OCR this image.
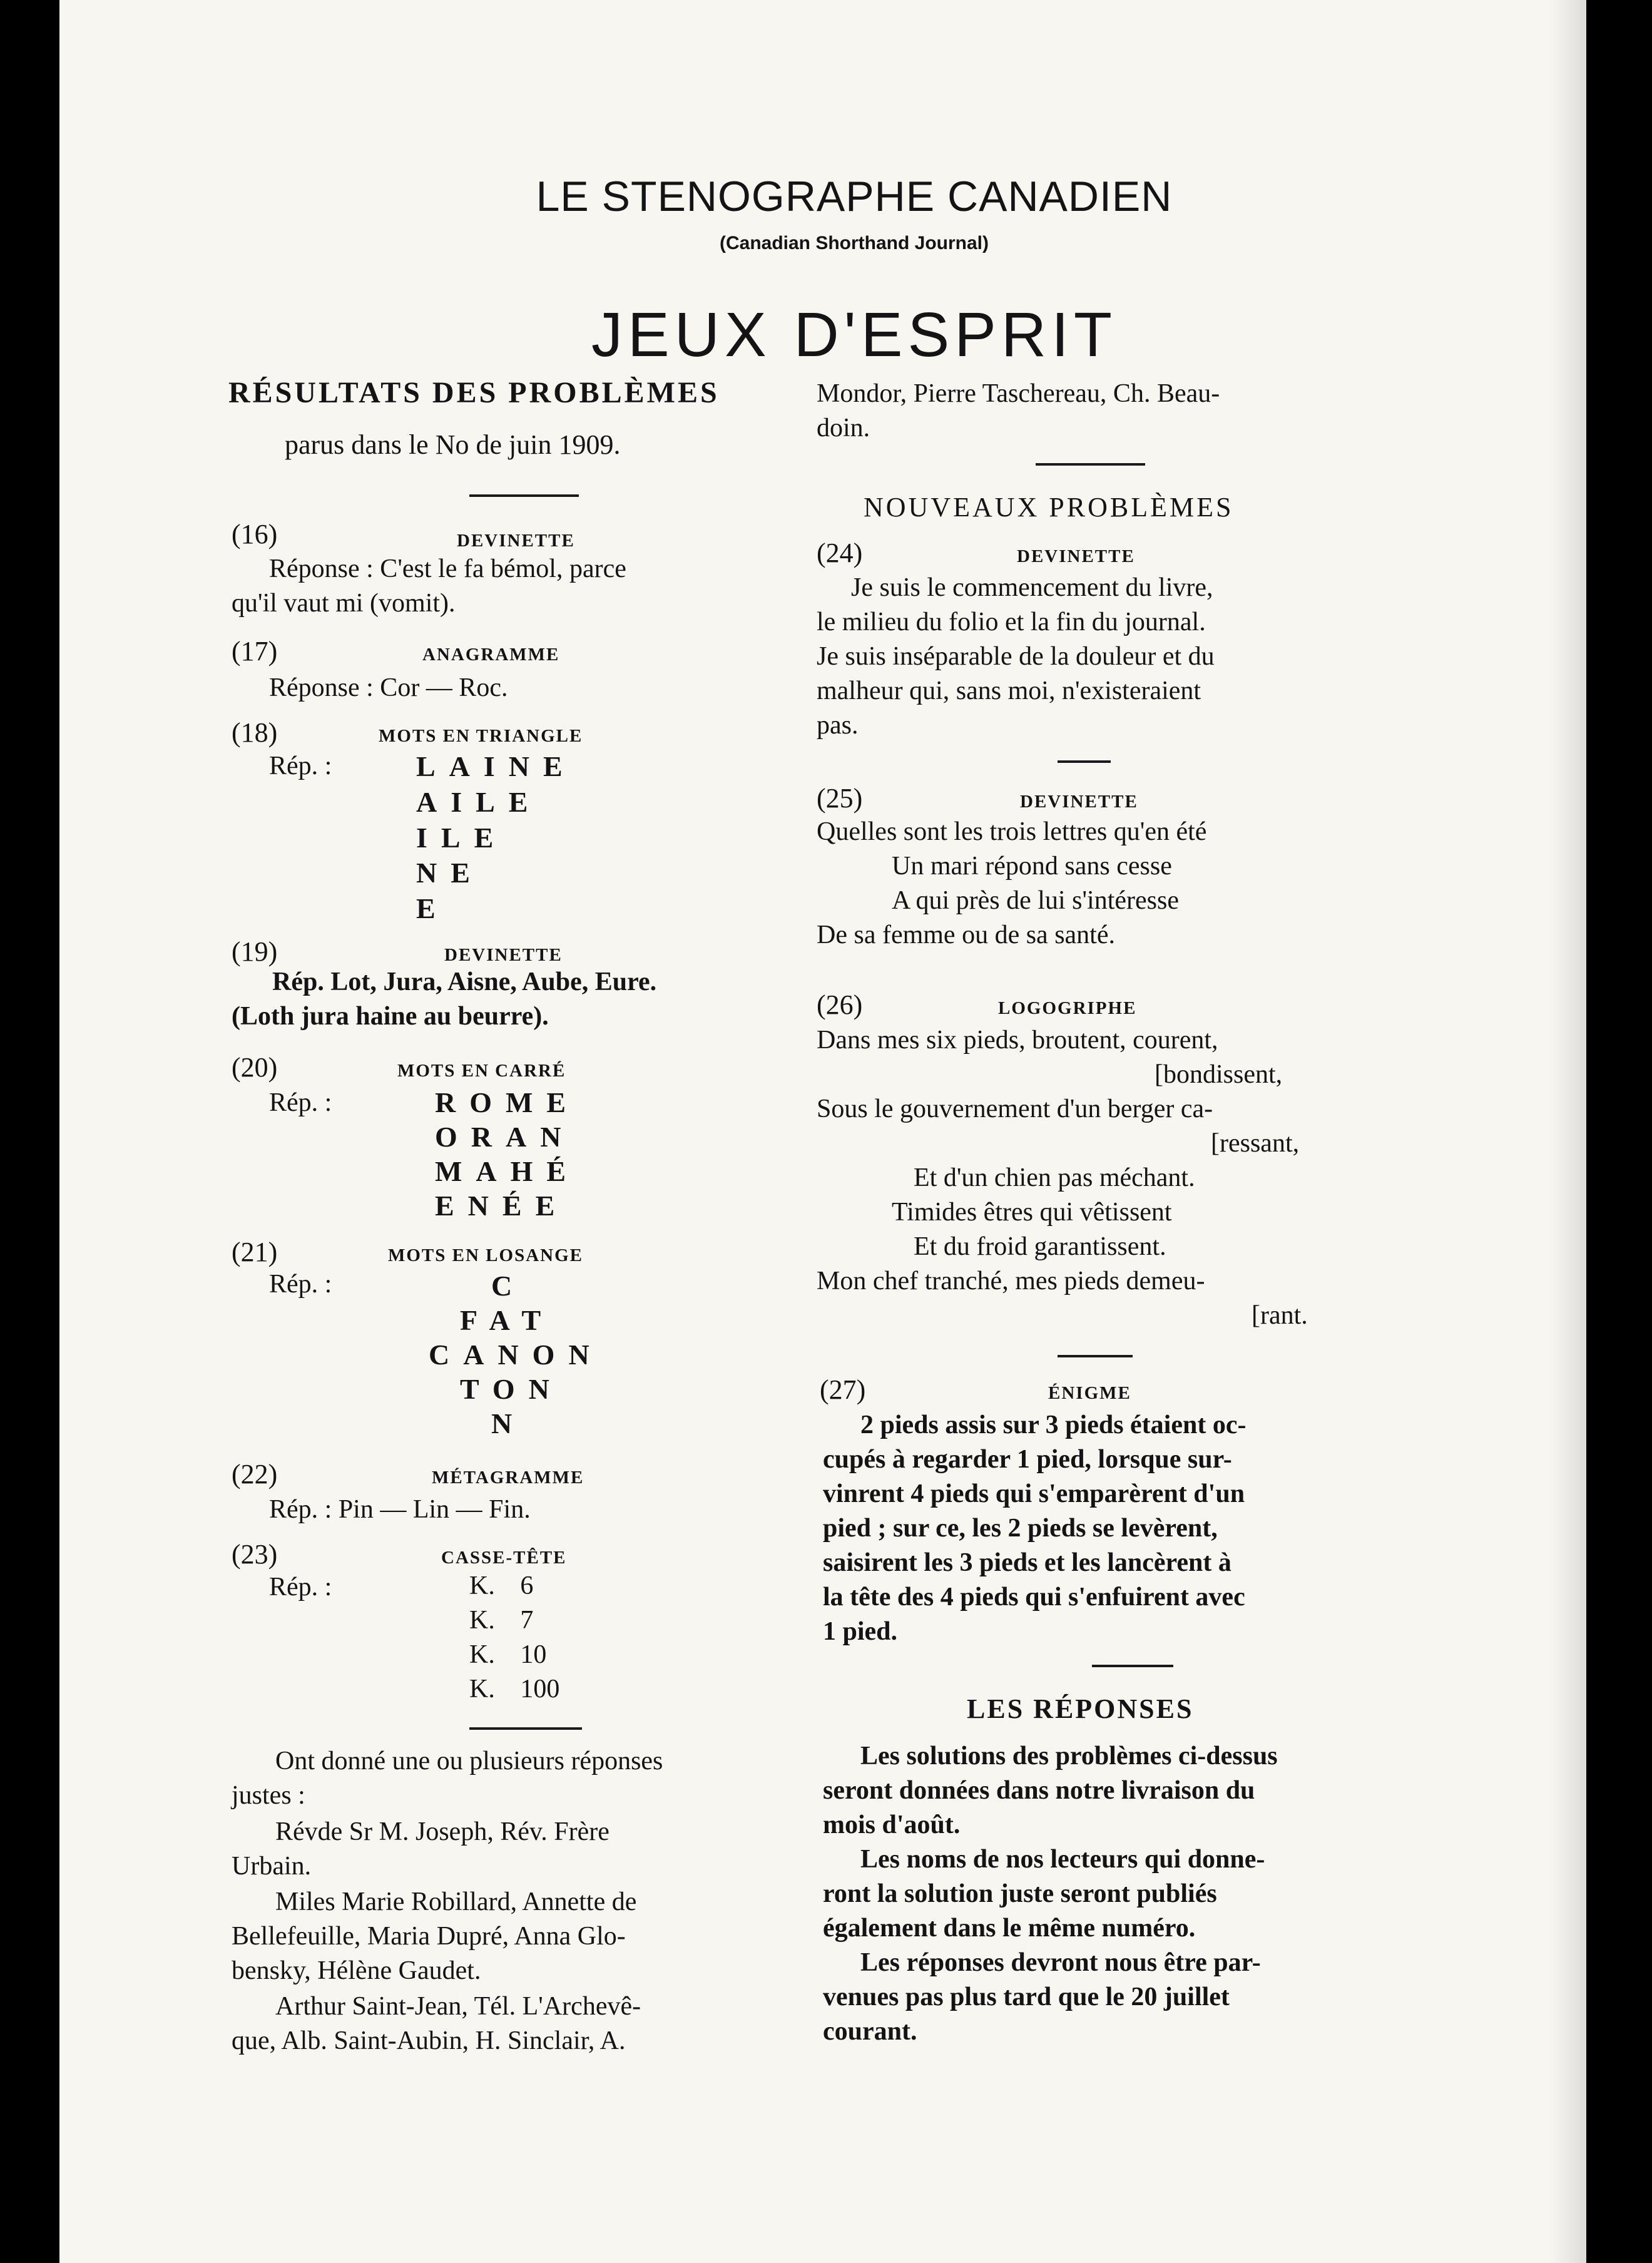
LE STENOGRAPHE CANADIEN
(Canadian Shorthand Journal)
JEUX D'ESPRIT
RÉSULTATS DES PROBLÈMES
parus dans le No de juin 1909.
(16)	DEVINETTE
Réponse : C'est le fa bémol, parce
qu'il vaut mi (vomit).
(17)	ANAGRAMME
Réponse : Cor — Roc.
(18)	MOTS EN TRIANGLE
Rép. :	LAINE
AILE
ILE
NE
E
(19)	DEVINETTE
Rép. Lot, Jura, Aisne, Aube, Eure.
(Loth jura haine au beurre).
(20)	MOTS EN CARRÉ
Rép. :	ROME
ORAN
MAHÉ
ENÉE
(21)	MOTS EN LOSANGE
Rép. :	C
FAT
CANON
TON
N
(22)	MÉTAGRAMME
Rép. : Pin — Lin — Fin.
(23)	CASSE-TÊTE
Rép. :	K. 6
K. 7
K. 10
K. 100
Ont donné une ou plusieurs réponses
justes :
Révde Sr M. Joseph, Rév. Frère
Urbain.
Miles Marie Robillard, Annette de
Bellefeuille, Maria Dupré, Anna Glo-
bensky, Hélène Gaudet.
Arthur Saint-Jean, Tél. L'Archevê-
que, Alb. Saint-Aubin, H. Sinclair, A.
Mondor, Pierre Taschereau, Ch. Beau-
doin.
NOUVEAUX PROBLÈMES
(24)	DEVINETTE
Je suis le commencement du livre,
le milieu du folio et la fin du journal.
Je suis inséparable de la douleur et du
malheur qui, sans moi, n'existeraient
pas.
(25)	DEVINETTE
Quelles sont les trois lettres qu'en été
Un mari répond sans cesse
A qui près de lui s'intéresse
De sa femme ou de sa santé.
(26)	LOGOGRIPHE
Dans mes six pieds, broutent, courent,
[bondissent,
Sous le gouvernement d'un berger ca-
[ressant,
Et d'un chien pas méchant.
Timides êtres qui vêtissent
Et du froid garantissent.
Mon chef tranché, mes pieds demeu-
[rant.
(27)	ÉNIGME
2 pieds assis sur 3 pieds étaient oc-
cupés à regarder 1 pied, lorsque sur-
vinrent 4 pieds qui s'emparèrent d'un
pied ; sur ce, les 2 pieds se levèrent,
saisirent les 3 pieds et les lancèrent à
la tête des 4 pieds qui s'enfuirent avec
1 pied.
LES RÉPONSES
Les solutions des problèmes ci-dessus
seront données dans notre livraison du
mois d'août.
Les noms de nos lecteurs qui donne-
ront la solution juste seront publiés
également dans le même numéro.
Les réponses devront nous être par-
venues pas plus tard que le 20 juillet
courant.
